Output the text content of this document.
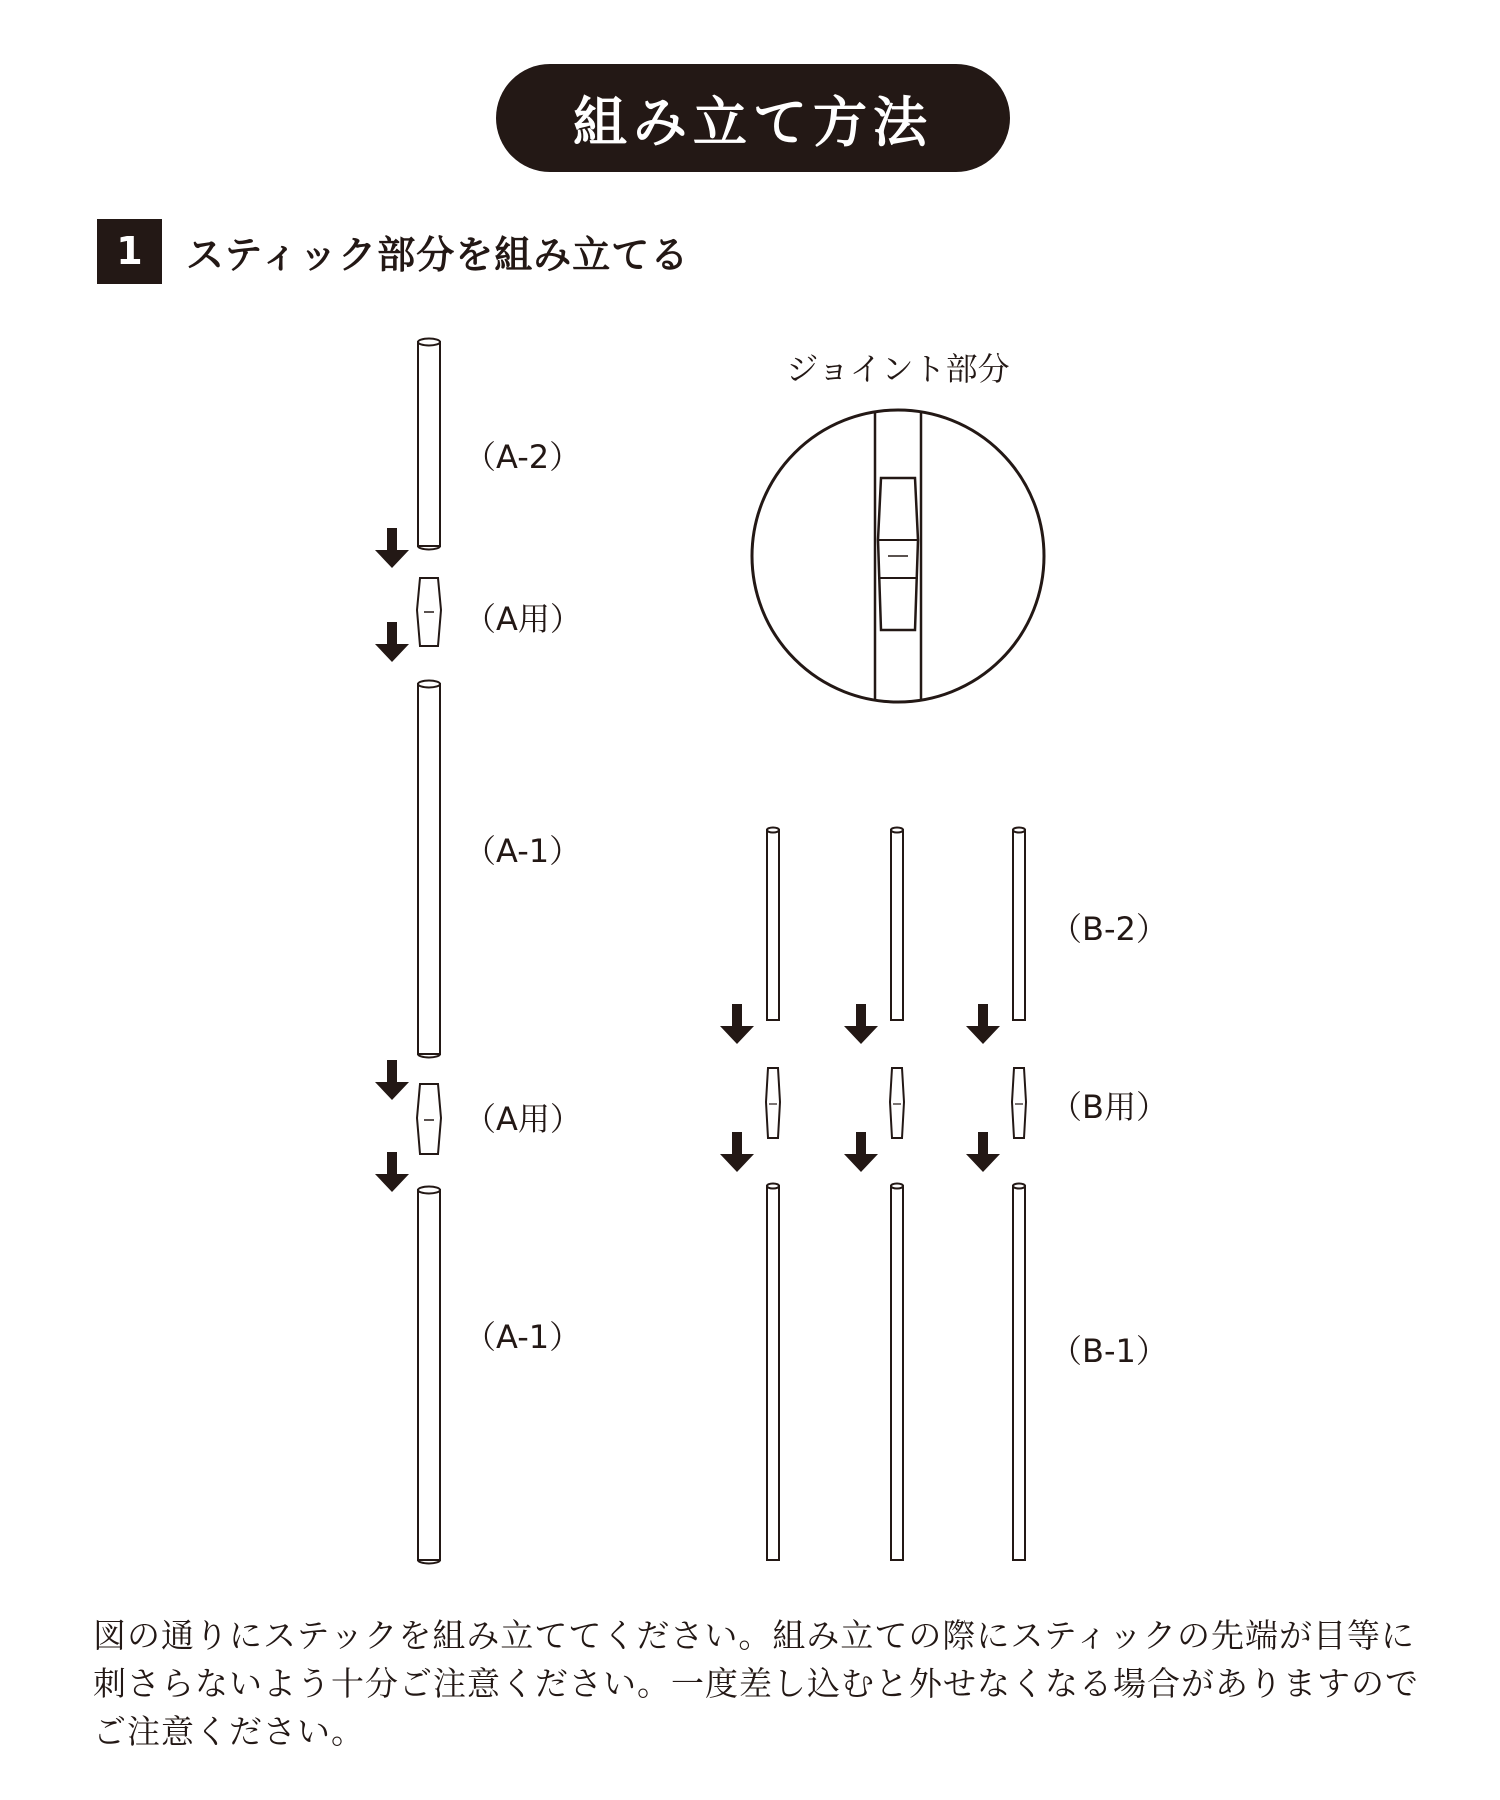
組み立て方法
1	スティック部分を組み立てる
（A-2）
（A用）
（A-1）
（A用）
（A-1）
ジョイント部分
（B-2）
（B用）
（B-1）

図の通りにステックを組み立ててください。組み立ての際にスティックの先端が目等に刺さらないよう十分ご注意ください。一度差し込むと外せなくなる場合がありますのでご注意ください。
